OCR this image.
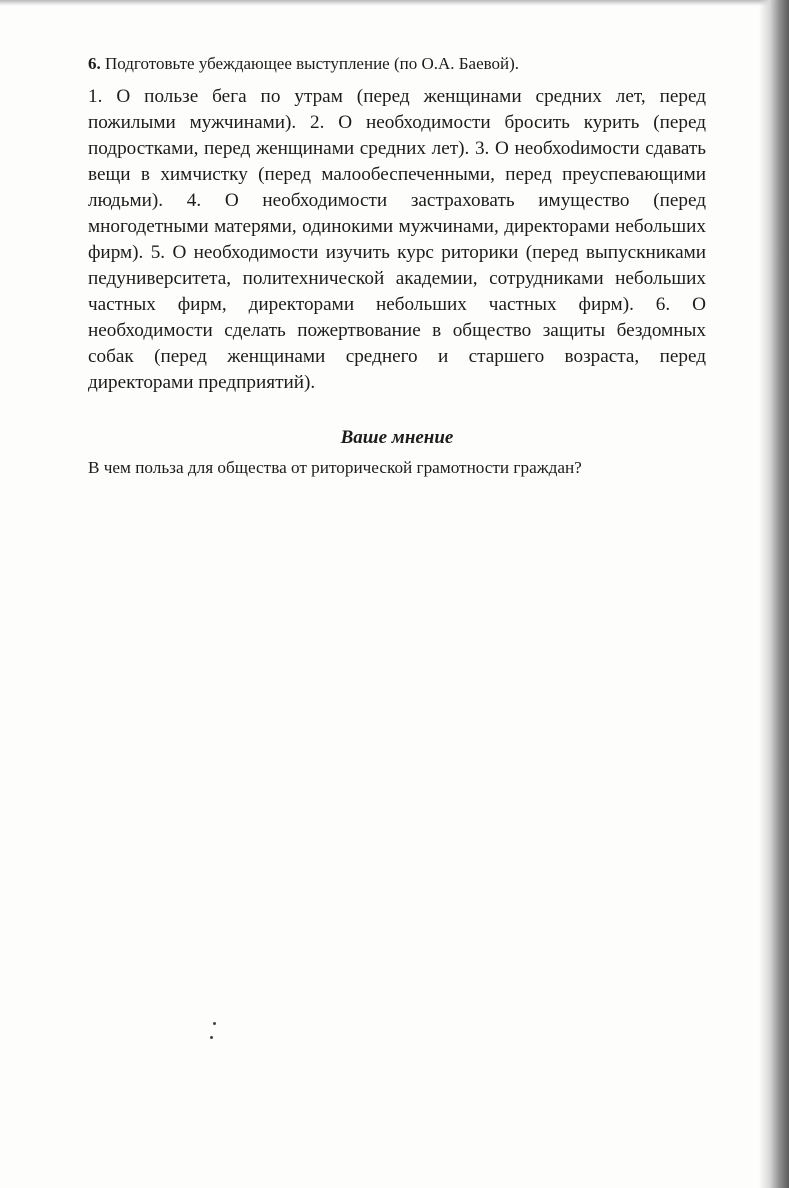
6. Подготовьте убеждающее выступление (по О.А. Баевой).

1. О пользе бега по утрам (перед женщинами средних лет, перед пожилыми мужчинами). 2. О необходимости бросить курить (перед подростками, перед женщинами средних лет). 3. О необхоdимости сдавать вещи в химчистку (перед малообеспеченными, перед преуспевающими людьми). 4. О необходимости застраховать имущество (перед многодетными матерями, одинокими мужчинами, директорами небольших фирм). 5. О необходимости изучить курс риторики (перед выпускниками педуниверситета, политехнической академии, сотрудниками небольших частных фирм, директорами небольших частных фирм). 6. О необходимости сделать пожертвование в общество защиты бездомных собак (перед женщинами среднего и старшего возраста, перед директорами предприятий).

Ваше мнение

В чем польза для общества от риторической грамотности граждан?
